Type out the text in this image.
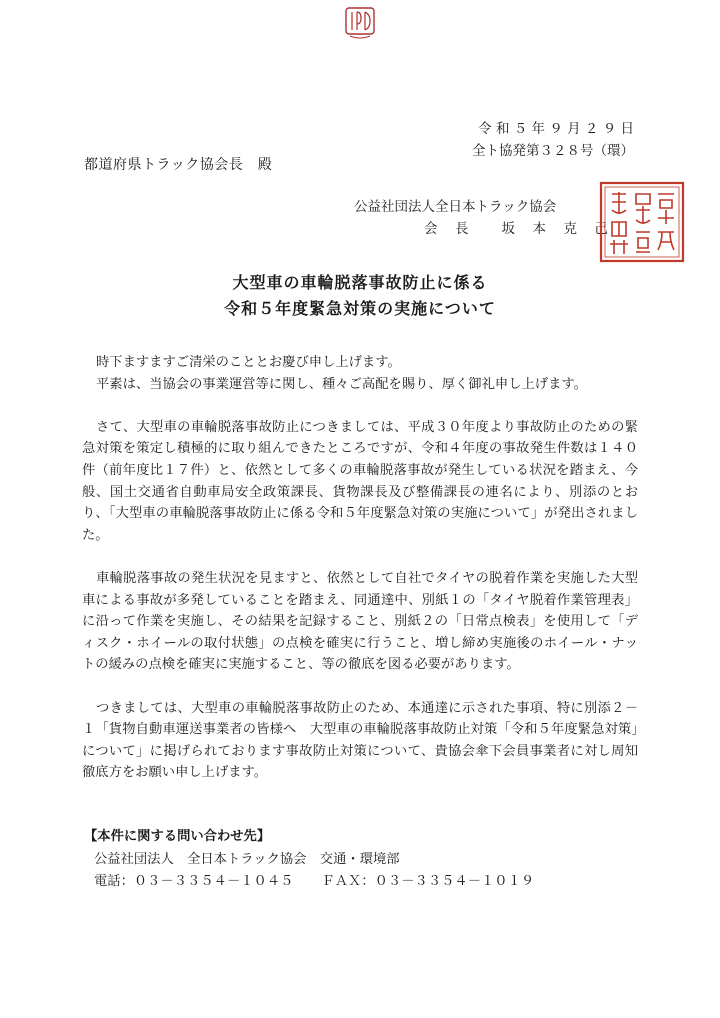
令 和 ５ 年 ９ 月 ２ ９ 日
全ト協発第３２８号（環）
都道府県トラック協会長　殿
公益社団法人全日本トラック協会
会　長　　坂　本　克　己
大型車の車輪脱落事故防止に係る
令和５年度緊急対策の実施について

時下ますますご清栄のこととお慶び申し上げます。

平素は、当協会の事業運営等に関し、種々ご高配を賜り、厚く御礼申し上げます。

さて、大型車の車輪脱落事故防止につきましては、平成３０年度より事故防止のための緊急対策を策定し積極的に取り組んできたところですが、令和４年度の事故発生件数は１４０件（前年度比１７件）と、依然として多くの車輪脱落事故が発生している状況を踏まえ、今般、国土交通省自動車局安全政策課長、貨物課長及び整備課長の連名により、別添のとおり、「大型車の車輪脱落事故防止に係る令和５年度緊急対策の実施について」が発出されました。

車輪脱落事故の発生状況を見ますと、依然として自社でタイヤの脱着作業を実施した大型車による事故が多発していることを踏まえ、同通達中、別紙１の「タイヤ脱着作業管理表」に沿って作業を実施し、その結果を記録すること、別紙２の「日常点検表」を使用して「ディスク・ホイールの取付状態」の点検を確実に行うこと、増し締め実施後のホイール・ナットの緩みの点検を確実に実施すること、等の徹底を図る必要があります。

つきましては、大型車の車輪脱落事故防止のため、本通達に示された事項、特に別添２－１「貨物自動車運送事業者の皆様へ　大型車の車輪脱落事故防止対策「令和５年度緊急対策」について」に掲げられております事故防止対策について、貴協会傘下会員事業者に対し周知徹底方をお願い申し上げます。

【本件に関する問い合わせ先】
公益社団法人　全日本トラック協会　交通・環境部
電話：０３－３３５４－１０４５ ＦＡＸ：０３－３３５４－１０１９
